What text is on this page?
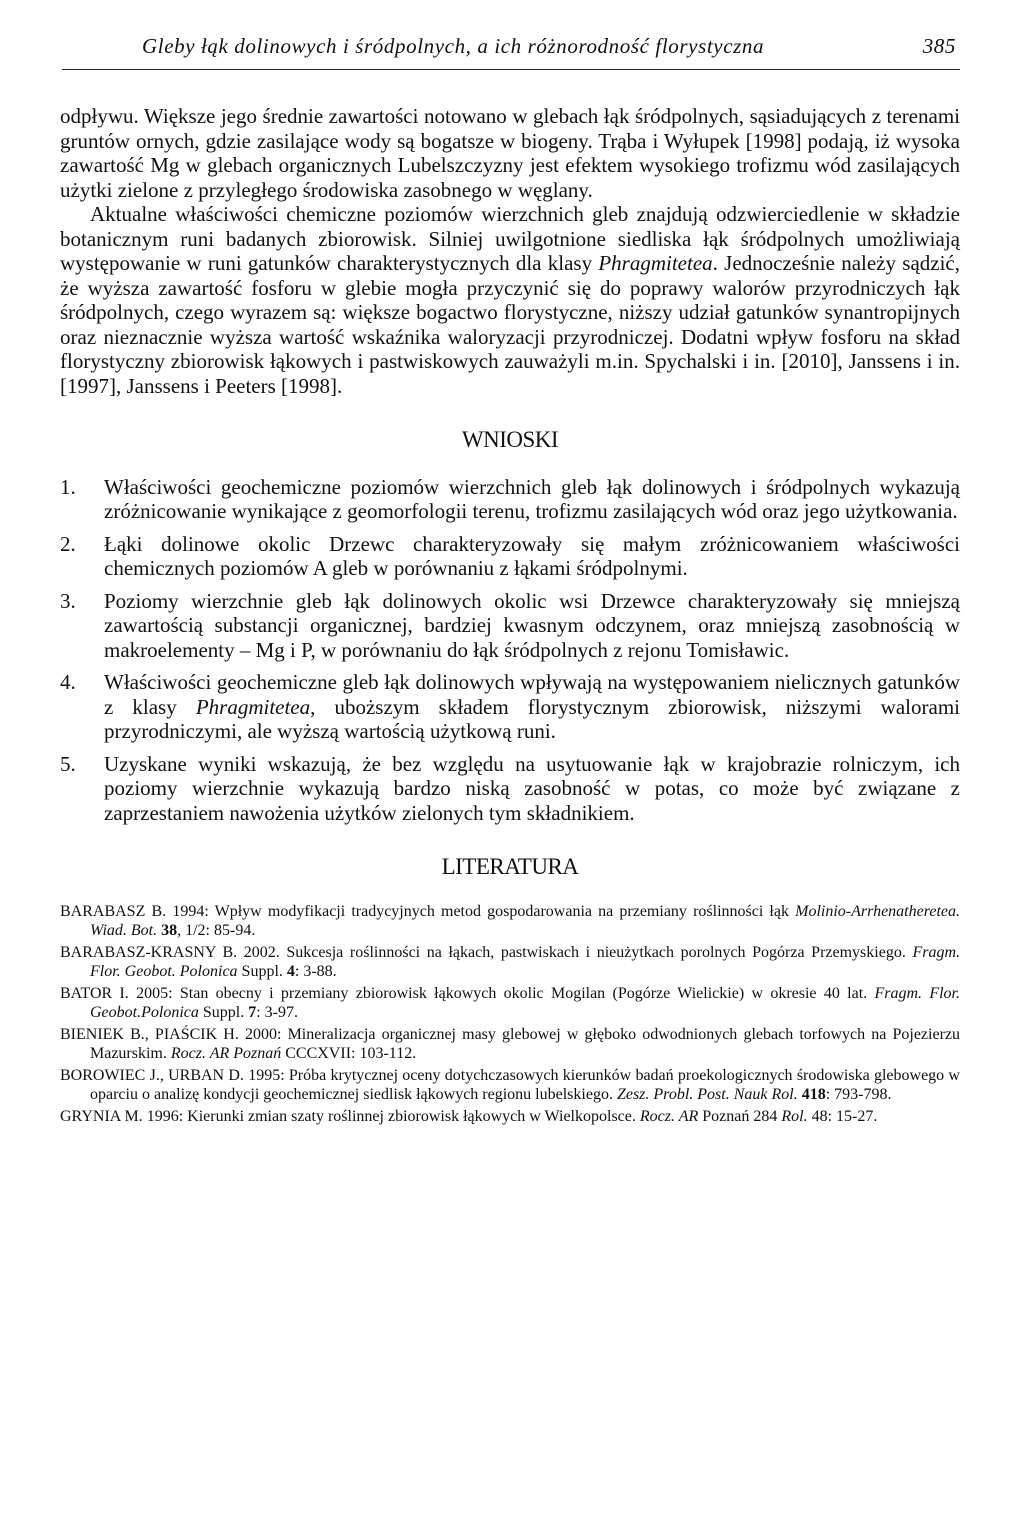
Gleby łąk dolinowych i śródpolnych, a ich różnorodność florystyczna	385

odpływu. Większe jego średnie zawartości notowano w glebach łąk śródpolnych, sąsiadujących z terenami gruntów ornych, gdzie zasilające wody są bogatsze w biogeny. Trąba i Wyłupek [1998] podają, iż wysoka zawartość Mg w glebach organicznych Lubelszczyzny jest efektem wysokiego trofizmu wód zasilających użytki zielone z przyległego środowiska zasobnego w węglany.

Aktualne właściwości chemiczne poziomów wierzchnich gleb znajdują odzwierciedlenie w składzie botanicznym runi badanych zbiorowisk. Silniej uwilgotnione siedliska łąk śródpolnych umożliwiają występowanie w runi gatunków charakterystycznych dla klasy Phragmitetea. Jednocześnie należy sądzić, że wyższa zawartość fosforu w glebie mogła przyczynić się do poprawy walorów przyrodniczych łąk śródpolnych, czego wyrazem są: większe bogactwo florystyczne, niższy udział gatunków synantropijnych oraz nieznacznie wyższa wartość wskaźnika waloryzacji przyrodniczej. Dodatni wpływ fosforu na skład florystyczny zbiorowisk łąkowych i pastwiskowych zauważyli m.in. Spychalski i in. [2010], Janssens i in. [1997], Janssens i Peeters [1998].

WNIOSKI
1. Właściwości geochemiczne poziomów wierzchnich gleb łąk dolinowych i śródpolnych wykazują zróżnicowanie wynikające z geomorfologii terenu, trofizmu zasilających wód oraz jego użytkowania.
2. Łąki dolinowe okolic Drzewc charakteryzowały się małym zróżnicowaniem właściwości chemicznych poziomów A gleb w porównaniu z łąkami śródpolnymi.
3. Poziomy wierzchnie gleb łąk dolinowych okolic wsi Drzewce charakteryzowały się mniejszą zawartością substancji organicznej, bardziej kwasnym odczynem, oraz mniejszą zasobnością w makroelementy – Mg i P, w porównaniu do łąk śródpolnych z rejonu Tomisławic.
4. Właściwości geochemiczne gleb łąk dolinowych wpływają na występowaniem nielicznych gatunków z klasy Phragmitetea, uboższym składem florystycznym zbiorowisk, niższymi walorami przyrodniczymi, ale wyższą wartością użytkową runi.
5. Uzyskane wyniki wskazują, że bez względu na usytuowanie łąk w krajobrazie rolniczym, ich poziomy wierzchnie wykazują bardzo niską zasobność w potas, co może być związane z zaprzestaniem nawożenia użytków zielonych tym składnikiem.
LITERATURA
BARABASZ B. 1994: Wpływ modyfikacji tradycyjnych metod gospodarowania na przemiany roślinności łąk Molinio-Arrhenatheretea. Wiad. Bot. 38, 1/2: 85-94.
BARABASZ-KRASNY B. 2002. Sukcesja roślinności na łąkach, pastwiskach i nieużytkach porolnych Pogórza Przemyskiego. Fragm. Flor. Geobot. Polonica Suppl. 4: 3-88.
BATOR I. 2005: Stan obecny i przemiany zbiorowisk łąkowych okolic Mogilan (Pogórze Wielickie) w okresie 40 lat. Fragm. Flor. Geobot.Polonica Suppl. 7: 3-97.
BIENIEK B., PIAŚCIK H. 2000: Mineralizacja organicznej masy glebowej w głęboko odwodnionych glebach torfowych na Pojezierzu Mazurskim. Rocz. AR Poznań CCCXVII: 103-112.
BOROWIEC J., URBAN D. 1995: Próba krytycznej oceny dotychczasowych kierunków badań proekologicznych środowiska glebowego w oparciu o analizę kondycji geochemicznej siedlisk łąkowych regionu lubelskiego. Zesz. Probl. Post. Nauk Rol. 418: 793-798.
GRYNIA M. 1996: Kierunki zmian szaty roślinnej zbiorowisk łąkowych w Wielkopolsce. Rocz. AR Poznań 284 Rol. 48: 15-27.
